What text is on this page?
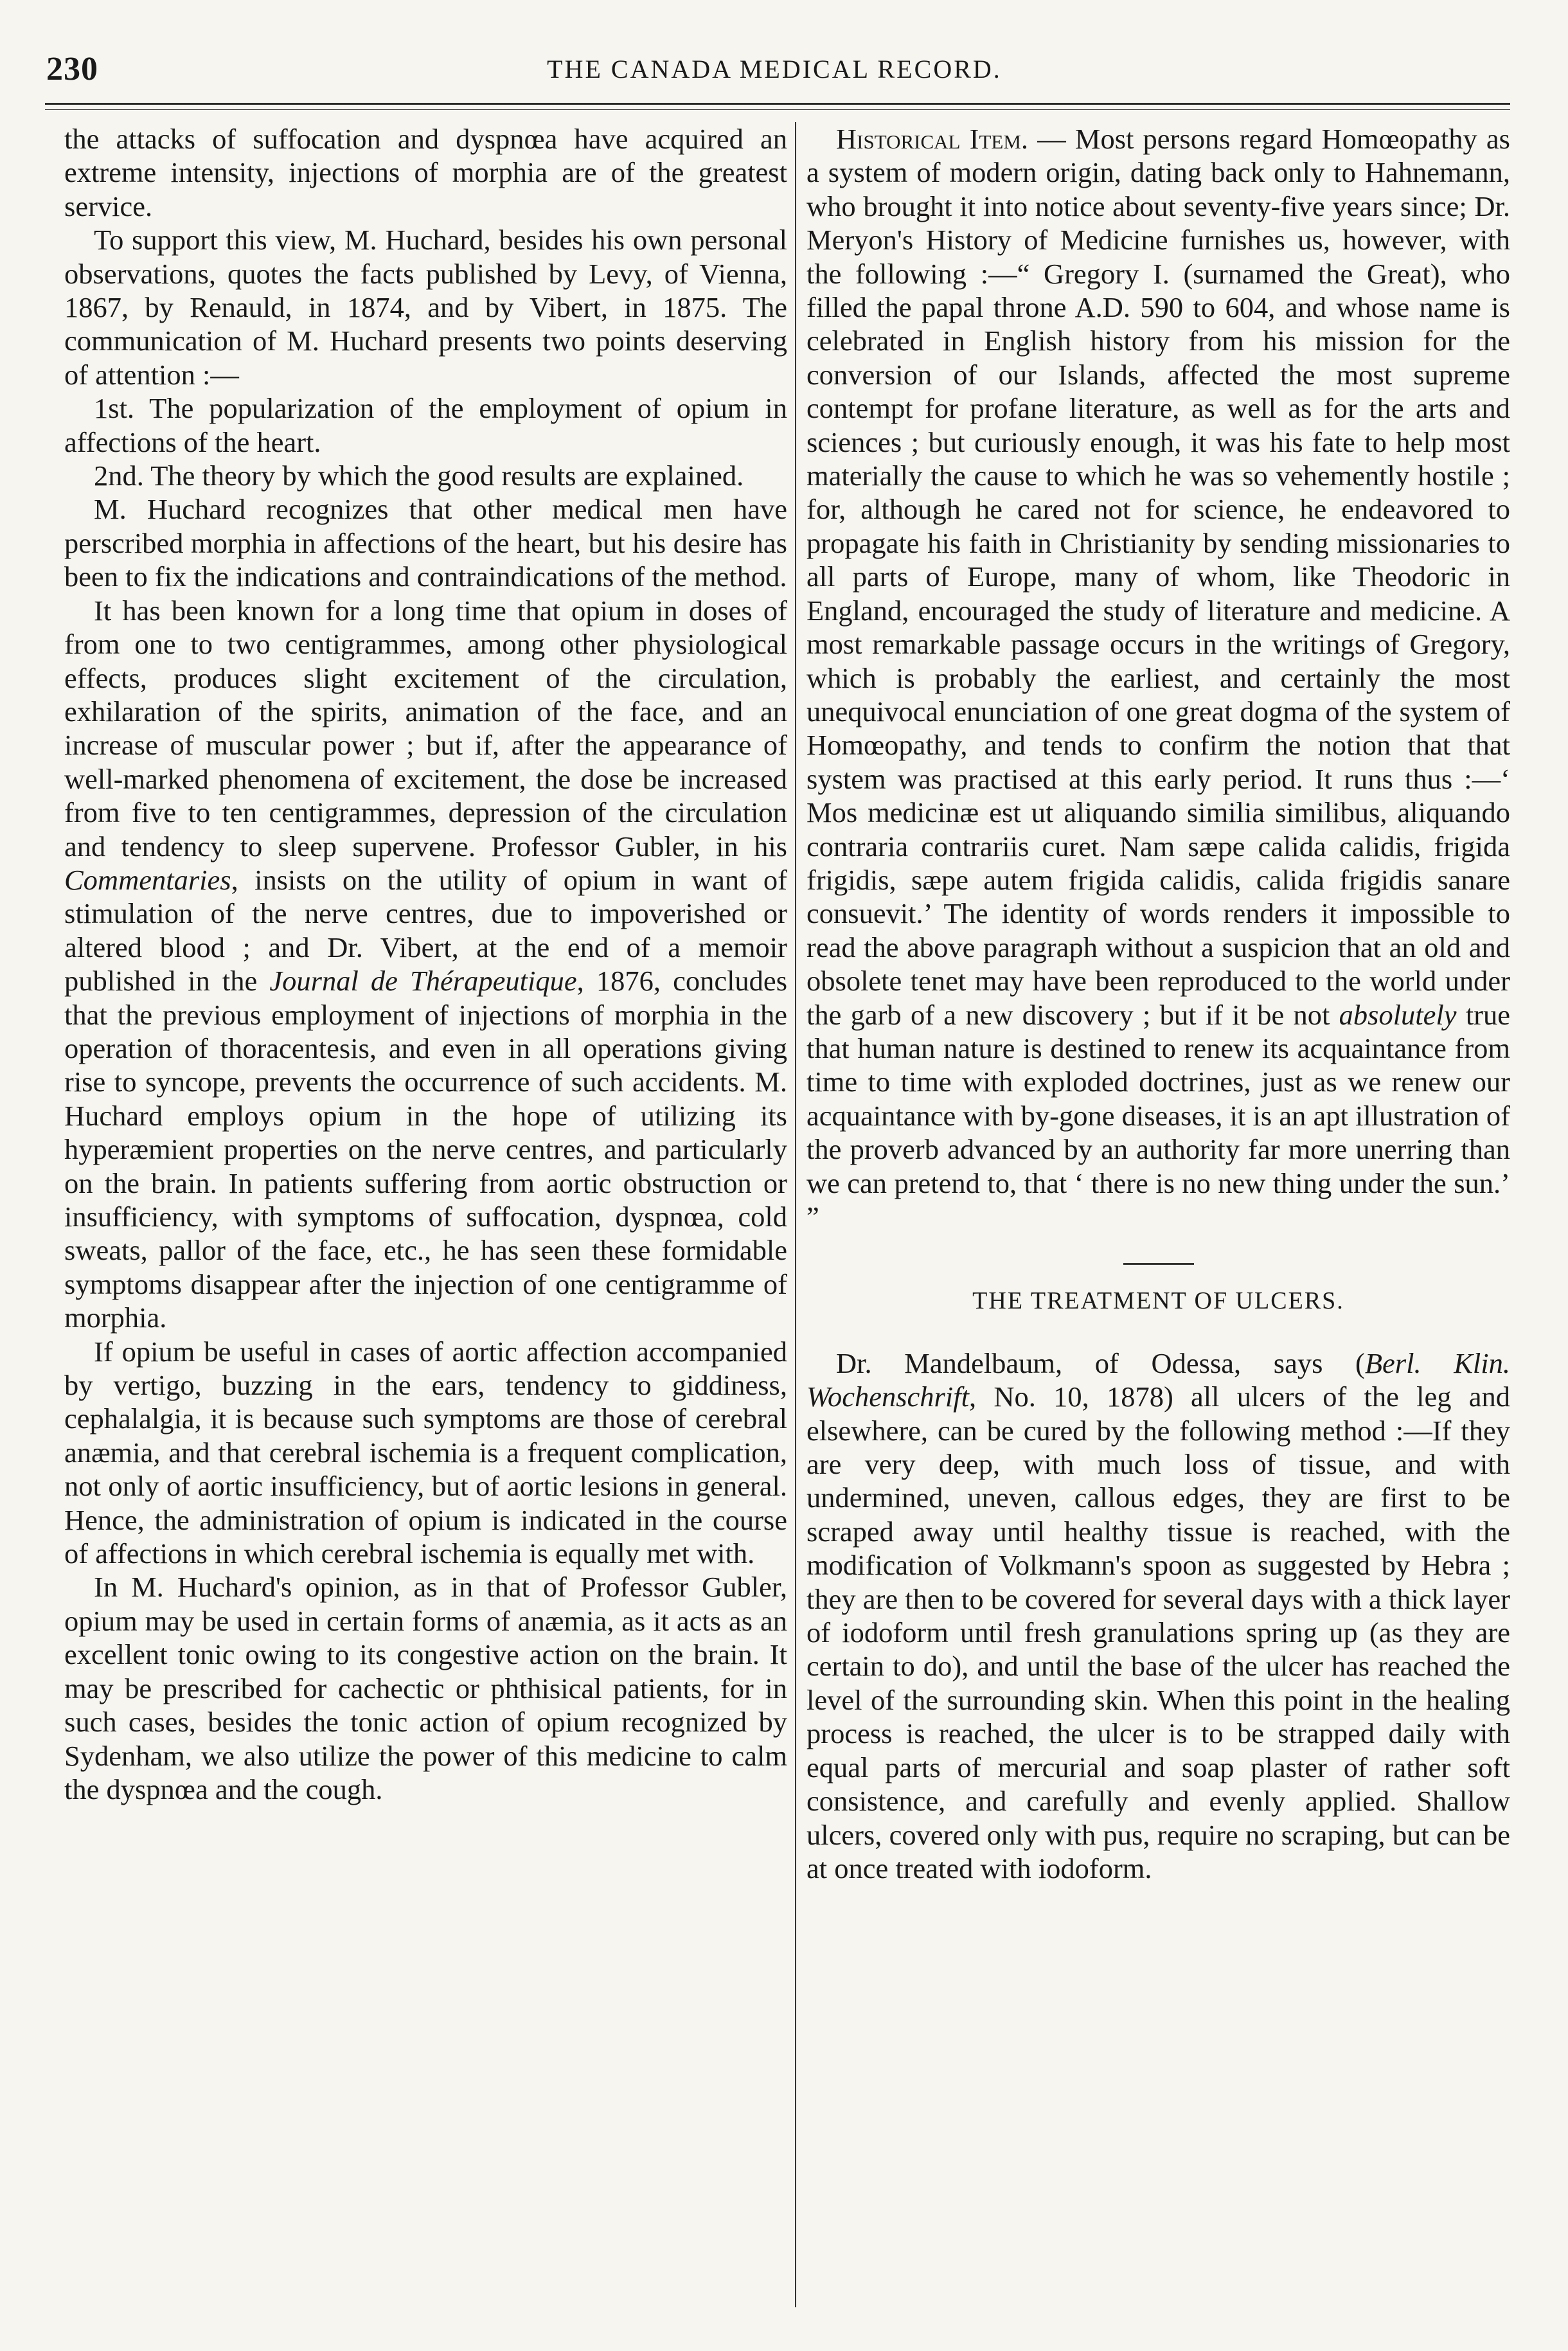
230	THE CANADA MEDICAL RECORD.

the attacks of suffocation and dyspnœa have acquired an extreme intensity, injections of morphia are of the greatest service.

To support this view, M. Huchard, besides his own personal observations, quotes the facts published by Levy, of Vienna, 1867, by Renauld, in 1874, and by Vibert, in 1875. The communication of M. Huchard presents two points deserving of attention :—

1st. The popularization of the employment of opium in affections of the heart.

2nd. The theory by which the good results are explained.

M. Huchard recognizes that other medical men have perscribed morphia in affections of the heart, but his desire has been to fix the indications and contraindications of the method.

It has been known for a long time that opium in doses of from one to two centigrammes, among other physiological effects, produces slight excitement of the circulation, exhilaration of the spirits, animation of the face, and an increase of muscular power ; but if, after the appearance of well-marked phenomena of excitement, the dose be increased from five to ten centigrammes, depression of the circulation and tendency to sleep supervene. Professor Gubler, in his Commentaries, insists on the utility of opium in want of stimulation of the nerve centres, due to impoverished or altered blood ; and Dr. Vibert, at the end of a memoir published in the Journal de Thérapeutique, 1876, concludes that the previous employment of injections of morphia in the operation of thoracentesis, and even in all operations giving rise to syncope, prevents the occurrence of such accidents. M. Huchard employs opium in the hope of utilizing its hyperæmient properties on the nerve centres, and particularly on the brain. In patients suffering from aortic obstruction or insufficiency, with symptoms of suffocation, dyspnœa, cold sweats, pallor of the face, etc., he has seen these formidable symptoms disappear after the injection of one centigramme of morphia.

If opium be useful in cases of aortic affection accompanied by vertigo, buzzing in the ears, tendency to giddiness, cephalalgia, it is because such symptoms are those of cerebral anæmia, and that cerebral ischemia is a frequent complication, not only of aortic insufficiency, but of aortic lesions in general. Hence, the administration of opium is indicated in the course of affections in which cerebral ischemia is equally met with.

In M. Huchard's opinion, as in that of Professor Gubler, opium may be used in certain forms of anæmia, as it acts as an excellent tonic owing to its congestive action on the brain. It may be prescribed for cachectic or phthisical patients, for in such cases, besides the tonic action of opium recognized by Sydenham, we also utilize the power of this medicine to calm the dyspnœa and the cough.

Historical Item. — Most persons regard Homœopathy as a system of modern origin, dating back only to Hahnemann, who brought it into notice about seventy-five years since; Dr. Meryon's History of Medicine furnishes us, however, with the following :—“ Gregory I. (surnamed the Great), who filled the papal throne A.D. 590 to 604, and whose name is celebrated in English history from his mission for the conversion of our Islands, affected the most supreme contempt for profane literature, as well as for the arts and sciences ; but curiously enough, it was his fate to help most materially the cause to which he was so vehemently hostile ; for, although he cared not for science, he endeavored to propagate his faith in Christianity by sending missionaries to all parts of Europe, many of whom, like Theodoric in England, encouraged the study of literature and medicine. A most remarkable passage occurs in the writings of Gregory, which is probably the earliest, and certainly the most unequivocal enunciation of one great dogma of the system of Homœopathy, and tends to confirm the notion that that system was practised at this early period. It runs thus :—‘ Mos medicinæ est ut aliquando similia similibus, aliquando contraria contrariis curet. Nam sæpe calida calidis, frigida frigidis, sæpe autem frigida calidis, calida frigidis sanare consuevit.’ The identity of words renders it impossible to read the above paragraph without a suspicion that an old and obsolete tenet may have been reproduced to the world under the garb of a new discovery ; but if it be not absolutely true that human nature is destined to renew its acquaintance from time to time with exploded doctrines, just as we renew our acquaintance with by-gone diseases, it is an apt illustration of the proverb advanced by an authority far more unerring than we can pretend to, that ‘ there is no new thing under the sun.’ ”

THE TREATMENT OF ULCERS.

Dr. Mandelbaum, of Odessa, says (Berl. Klin. Wochenschrift, No. 10, 1878) all ulcers of the leg and elsewhere, can be cured by the following method :—If they are very deep, with much loss of tissue, and with undermined, uneven, callous edges, they are first to be scraped away until healthy tissue is reached, with the modification of Volkmann's spoon as suggested by Hebra ; they are then to be covered for several days with a thick layer of iodoform until fresh granulations spring up (as they are certain to do), and until the base of the ulcer has reached the level of the surrounding skin. When this point in the healing process is reached, the ulcer is to be strapped daily with equal parts of mercurial and soap plaster of rather soft consistence, and carefully and evenly applied. Shallow ulcers, covered only with pus, require no scraping, but can be at once treated with iodoform.
